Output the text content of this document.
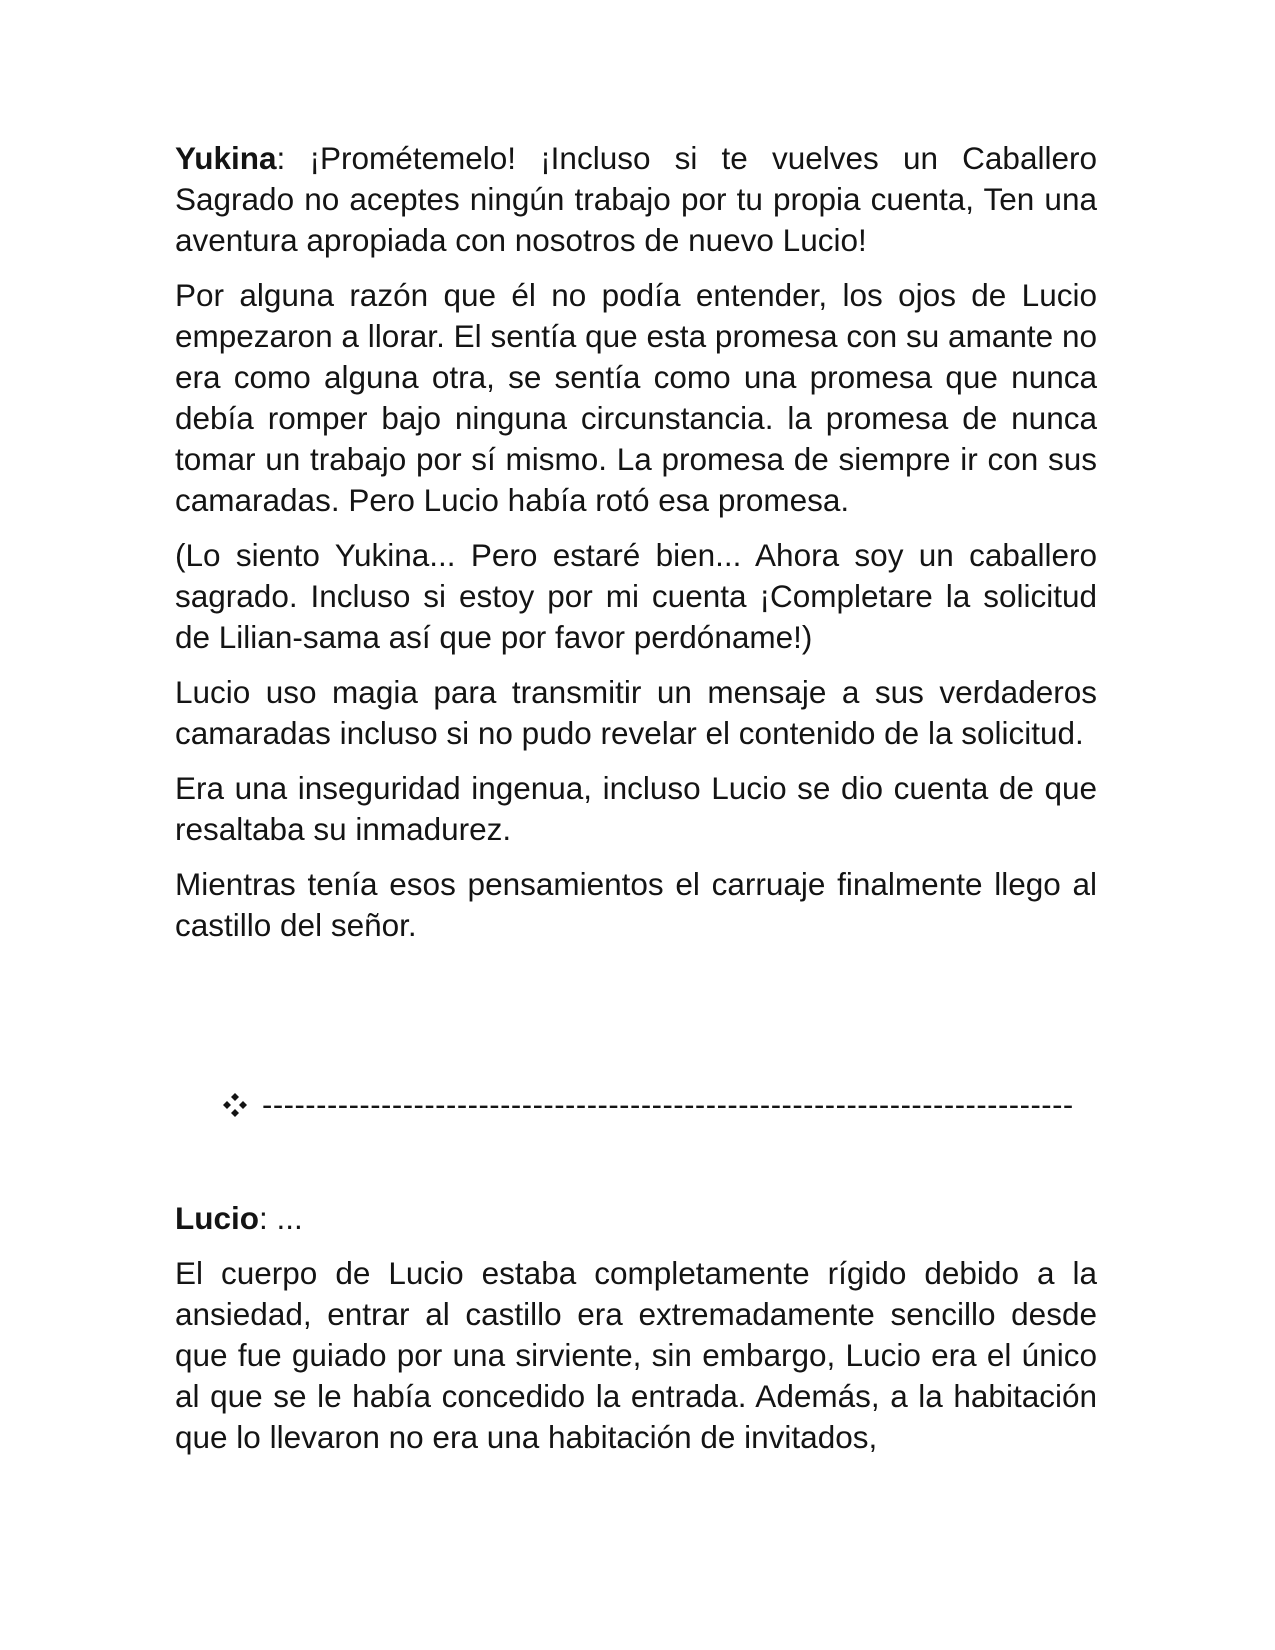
Yukina: ¡Prométemelo! ¡Incluso si te vuelves un Caballero Sagrado no aceptes ningún trabajo por tu propia cuenta, Ten una aventura apropiada con nosotros de nuevo Lucio!

Por alguna razón que él no podía entender, los ojos de Lucio empezaron a llorar. El sentía que esta promesa con su amante no era como alguna otra, se sentía como una promesa que nunca debía romper bajo ninguna circunstancia. la promesa de nunca tomar un trabajo por sí mismo. La promesa de siempre ir con sus camaradas. Pero Lucio había rotó esa promesa.

(Lo siento Yukina... Pero estaré bien... Ahora soy un caballero sagrado. Incluso si estoy por mi cuenta ¡Completare la solicitud de Lilian-sama así que por favor perdóname!)

Lucio uso magia para transmitir un mensaje a sus verdaderos camaradas incluso si no pudo revelar el contenido de la solicitud.

Era una inseguridad ingenua, incluso Lucio se dio cuenta de que resaltaba su inmadurez.

Mientras tenía esos pensamientos el carruaje finalmente llego al castillo del señor.

---------------------------------------------------------------------------

Lucio: ...

El cuerpo de Lucio estaba completamente rígido debido a la ansiedad, entrar al castillo era extremadamente sencillo desde que fue guiado por una sirviente, sin embargo, Lucio era el único al que se le había concedido la entrada. Además, a la habitación que lo llevaron no era una habitación de invitados,
